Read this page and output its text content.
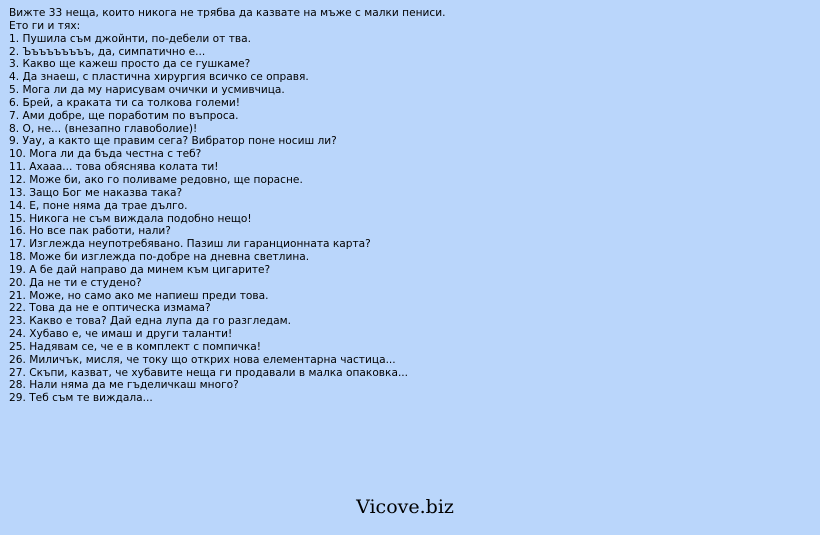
Вижте 33 неща, които никога не трябва да казвате на мъже с малки пениси.
Ето ги и тях:
1. Пушила съм джойнти, по-дебели от тва.
2. Ъъъъъъъъъ, да, симпатично е...
3. Какво ще кажеш просто да се гушкаме?
4. Да знаеш, с пластична хирургия всичко се оправя.
5. Мога ли да му нарисувам очички и усмивчица.
6. Брей, а краката ти са толкова големи!
7. Ами добре, ще поработим по въпроса.
8. О, не... (внезапно главоболие)!
9. Уау, а както ще правим сега? Вибратор поне носиш ли?
10. Мога ли да бъда честна с теб?
11. Ахааа... това обяснява колата ти!
12. Може би, ако го поливаме редовно, ще порасне.
13. Защо Бог ме наказва така?
14. Е, поне няма да трае дълго.
15. Никога не съм виждала подобно нещо!
16. Но все пак работи, нали?
17. Изглежда неупотребявано. Пазиш ли гаранционната карта?
18. Може би изглежда по-добре на дневна светлина.
19. А бе дай направо да минем към цигарите?
20. Да не ти е студено?
21. Може, но само ако ме напиеш преди това.
22. Това да не е оптическа измама?
23. Какво е това? Дай една лупа да го разгледам.
24. Хубаво е, че имаш и други таланти!
25. Надявам се, че е в комплект с помпичка!
26. Миличък, мисля, че току що открих нова елементарна частица...
27. Скъпи, казват, че хубавите неща ги продавали в малка опаковка...
28. Нали няма да ме гъделичкаш много?
29. Теб съм те виждала...
Vicove.biz
